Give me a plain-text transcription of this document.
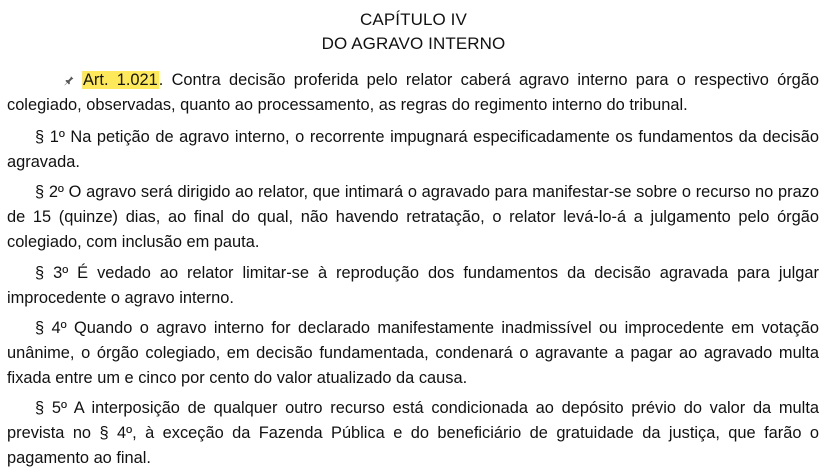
CAPÍTULO IV
DO AGRAVO INTERNO
Art. 1.021. Contra decisão proferida pelo relator caberá agravo interno para o respectivo órgão colegiado, observadas, quanto ao processamento, as regras do regimento interno do tribunal.
§ 1º Na petição de agravo interno, o recorrente impugnará especificadamente os fundamentos da decisão agravada.
§ 2º O agravo será dirigido ao relator, que intimará o agravado para manifestar-se sobre o recurso no prazo de 15 (quinze) dias, ao final do qual, não havendo retratação, o relator levá-lo-á a julgamento pelo órgão colegiado, com inclusão em pauta.
§ 3º É vedado ao relator limitar-se à reprodução dos fundamentos da decisão agravada para julgar improcedente o agravo interno.
§ 4º Quando o agravo interno for declarado manifestamente inadmissível ou improcedente em votação unânime, o órgão colegiado, em decisão fundamentada, condenará o agravante a pagar ao agravado multa fixada entre um e cinco por cento do valor atualizado da causa.
§ 5º A interposição de qualquer outro recurso está condicionada ao depósito prévio do valor da multa prevista no § 4º, à exceção da Fazenda Pública e do beneficiário de gratuidade da justiça, que farão o pagamento ao final.
